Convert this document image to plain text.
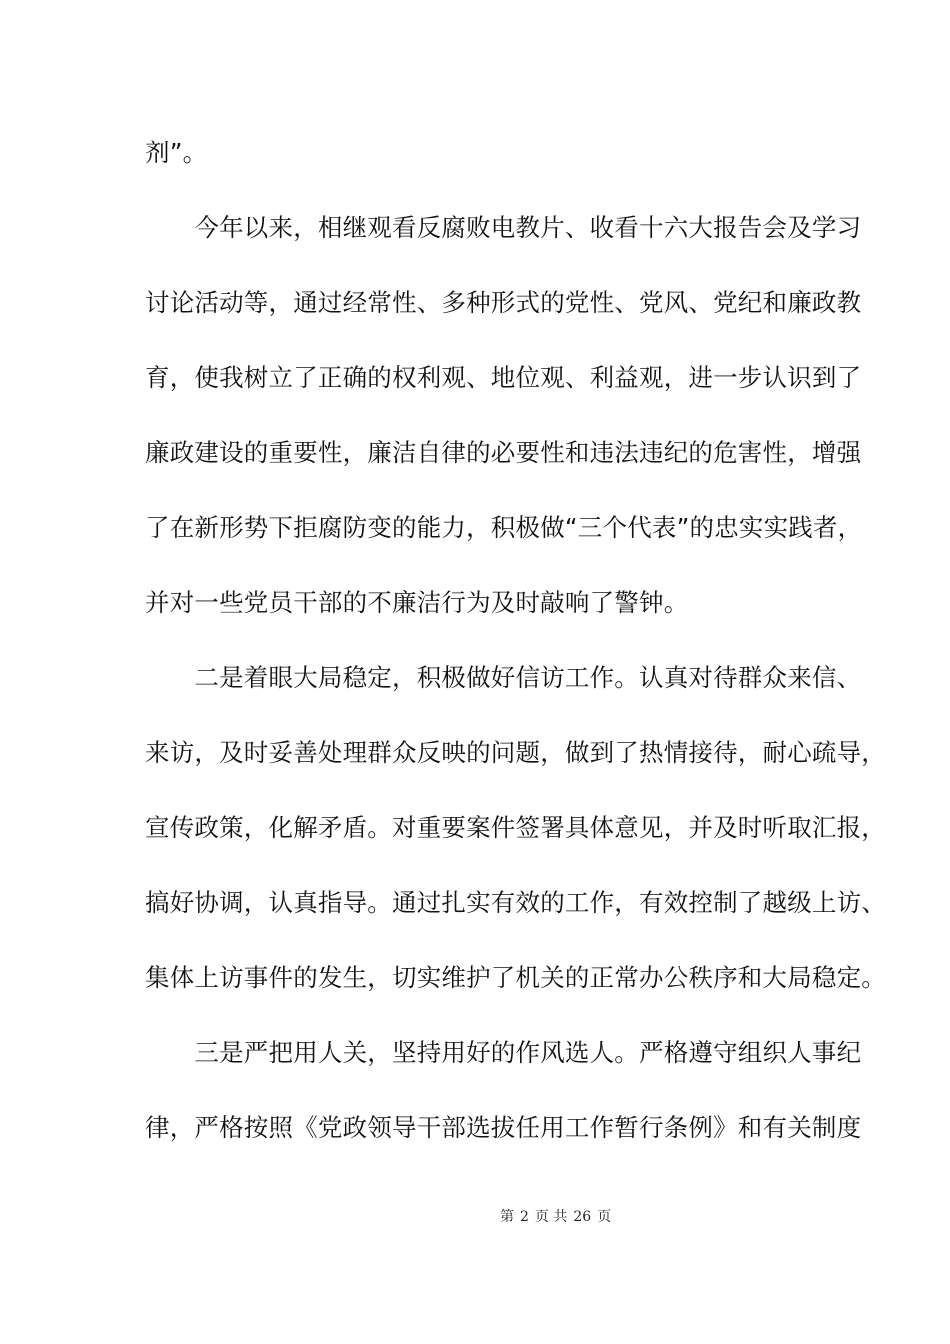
剂”。
　　今年以来，相继观看反腐败电教片、收看十六大报告会及学习
讨论活动等，通过经常性、多种形式的党性、党风、党纪和廉政教
育，使我树立了正确的权利观、地位观、利益观，进一步认识到了
廉政建设的重要性，廉洁自律的必要性和违法违纪的危害性，增强
了在新形势下拒腐防变的能力，积极做“三个代表”的忠实实践者，
并对一些党员干部的不廉洁行为及时敲响了警钟。
　　二是着眼大局稳定，积极做好信访工作。认真对待群众来信、
来访，及时妥善处理群众反映的问题，做到了热情接待，耐心疏导，
宣传政策，化解矛盾。对重要案件签署具体意见，并及时听取汇报，
搞好协调，认真指导。通过扎实有效的工作，有效控制了越级上访、
集体上访事件的发生，切实维护了机关的正常办公秩序和大局稳定。
　　三是严把用人关，坚持用好的作风选人。严格遵守组织人事纪
律，严格按照《党政领导干部选拔任用工作暂行条例》和有关制度
第 2 页 共 26 页
